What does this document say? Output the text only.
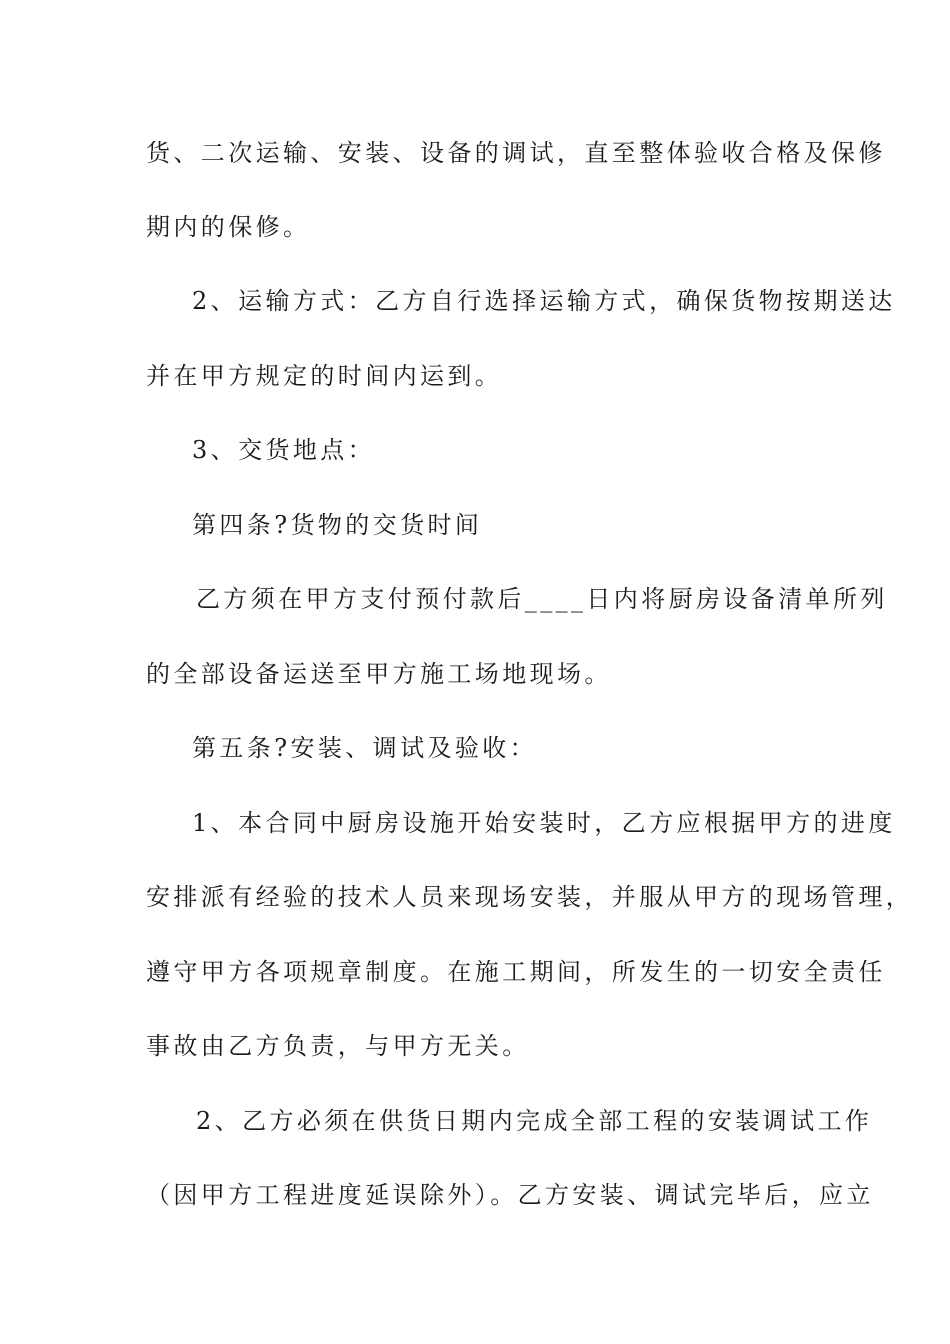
货、二次运输、安装、设备的调试，直至整体验收合格及保修
期内的保修。
2、运输方式：乙方自行选择运输方式，确保货物按期送达
并在甲方规定的时间内运到。
3、交货地点：
第四条?货物的交货时间
乙方须在甲方支付预付款后____日内将厨房设备清单所列
的全部设备运送至甲方施工场地现场。
第五条?安装、调试及验收：
1、本合同中厨房设施开始安装时，乙方应根据甲方的进度
安排派有经验的技术人员来现场安装，并服从甲方的现场管理，
遵守甲方各项规章制度。在施工期间，所发生的一切安全责任
事故由乙方负责，与甲方无关。
2、乙方必须在供货日期内完成全部工程的安装调试工作
（因甲方工程进度延误除外）。乙方安装、调试完毕后，应立
